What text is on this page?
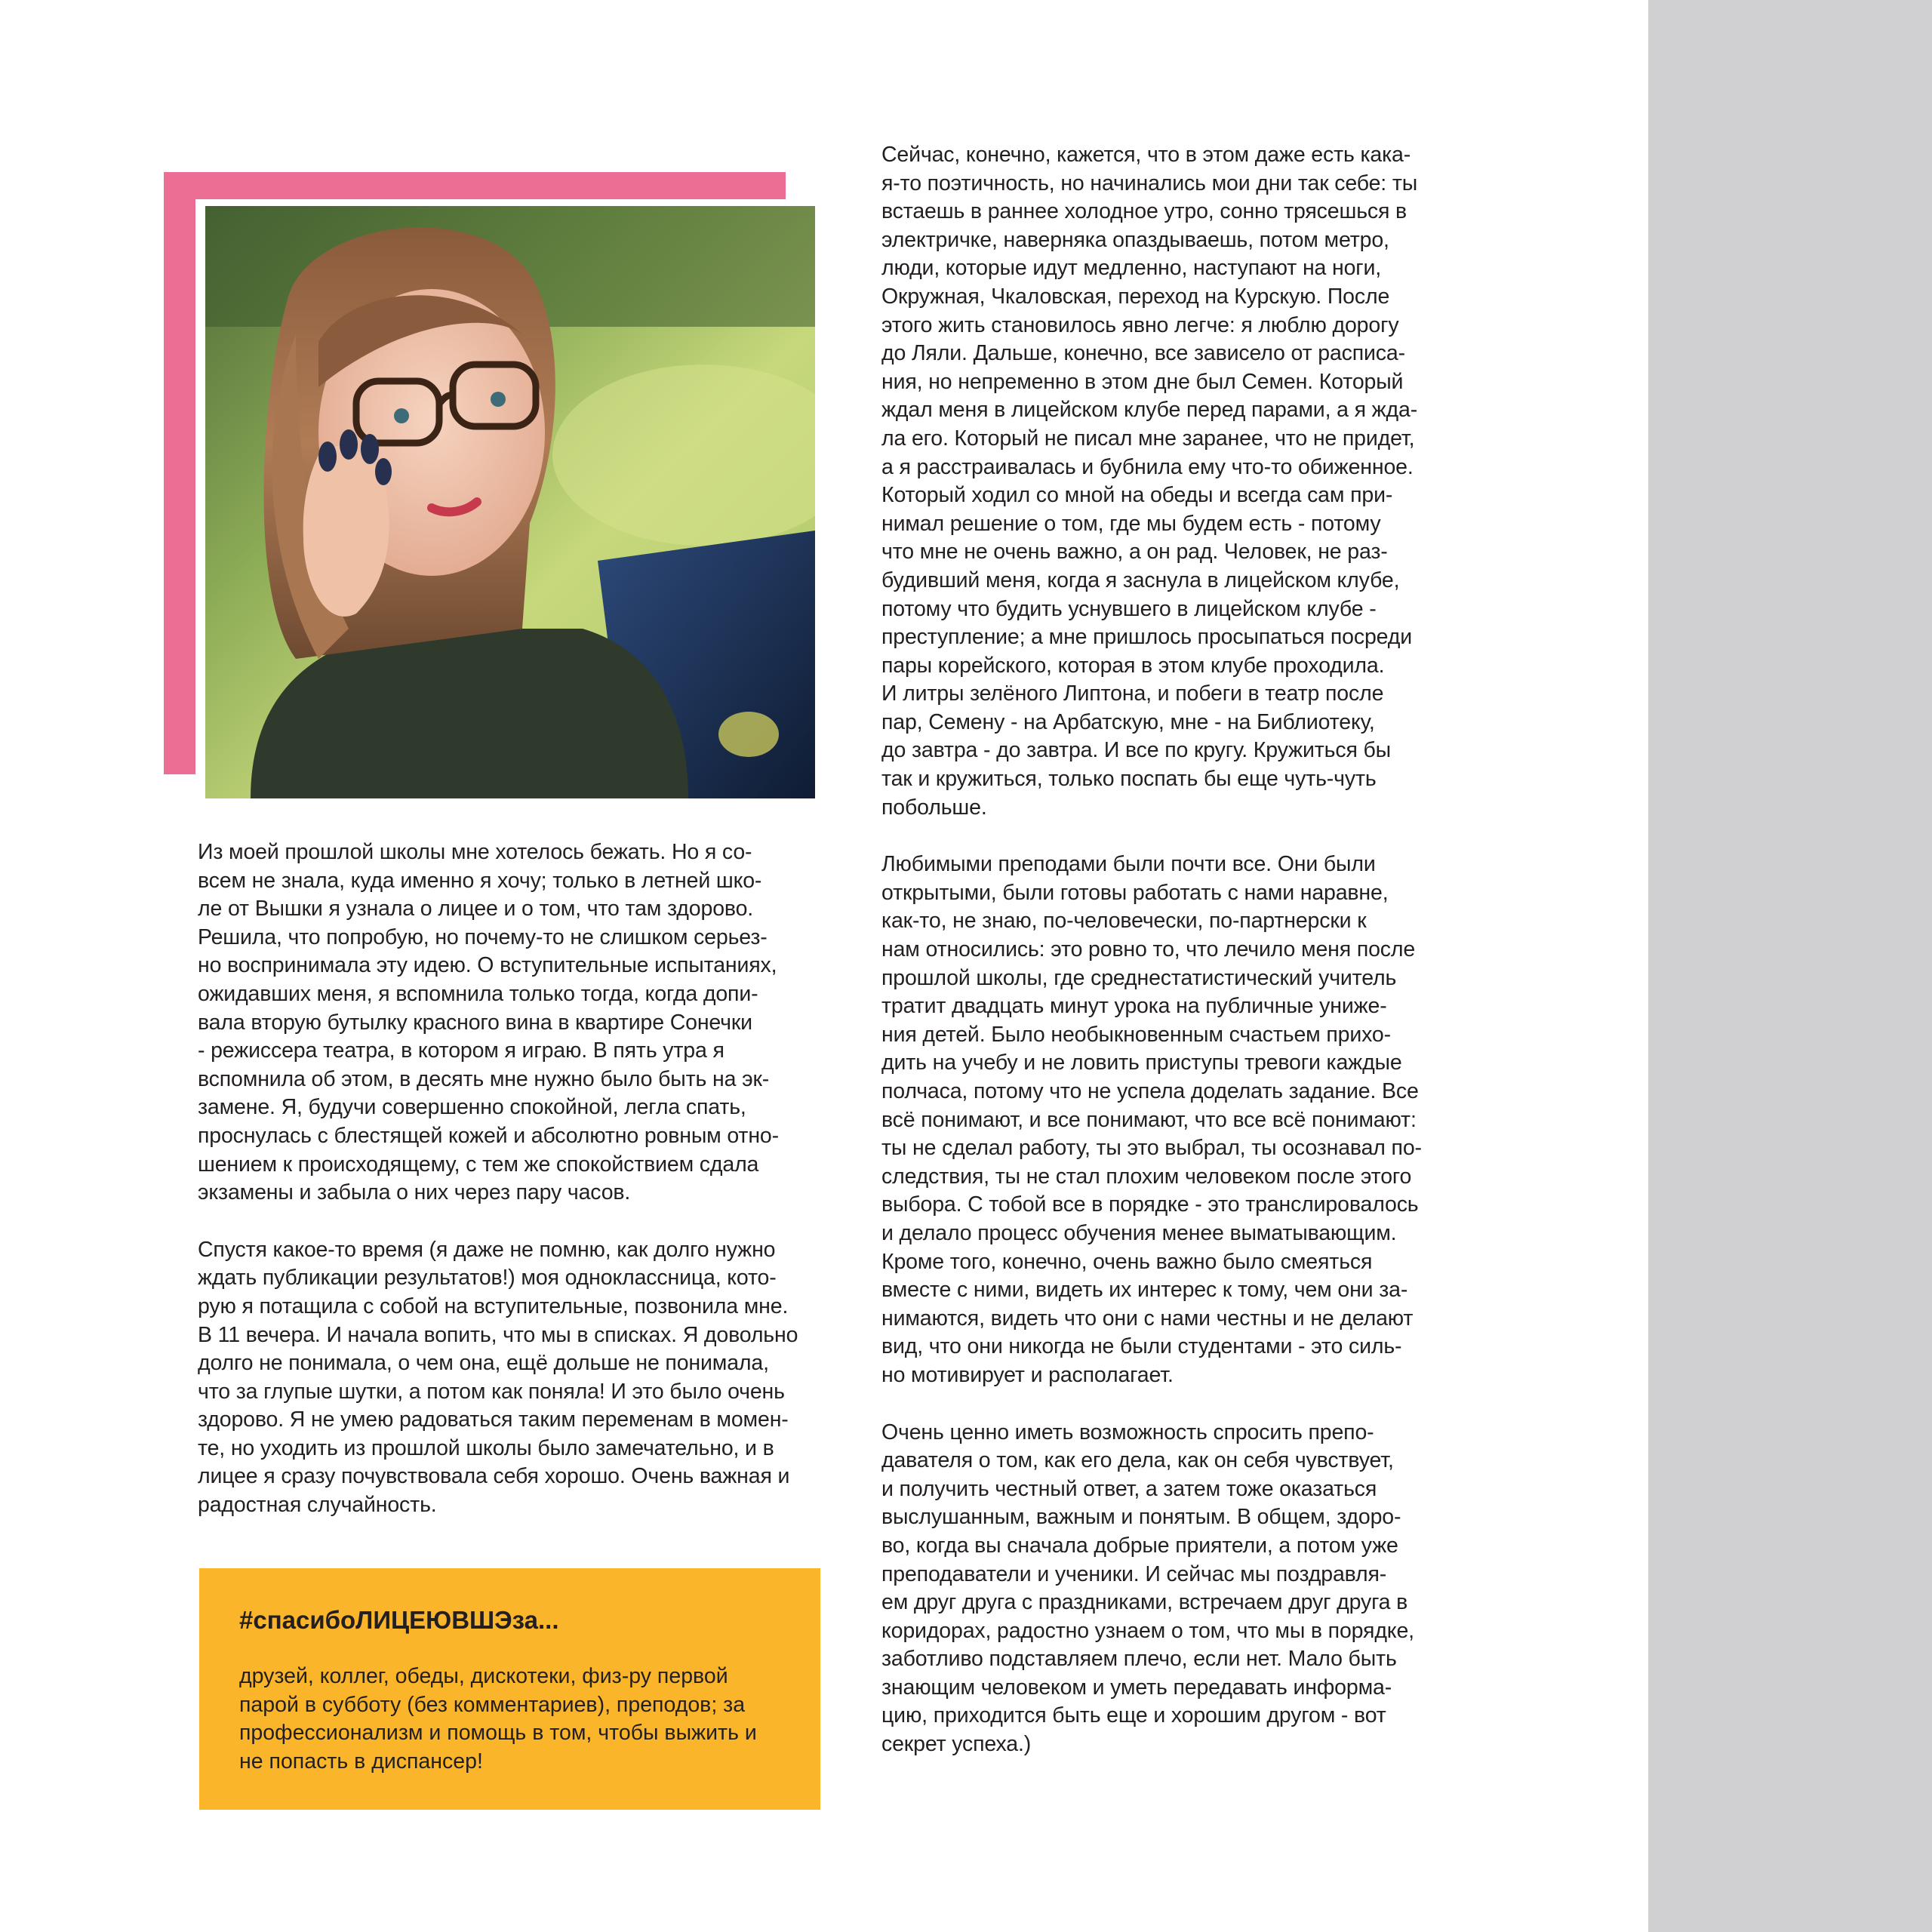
Из моей прошлой школы мне хотелось бежать. Но я со-
всем не знала, куда именно я хочу; только в летней шко-
ле от Вышки я узнала о лицее и о том, что там здорово.
Решила, что попробую, но почему-то не слишком серьез-
но воспринимала эту идею. О вступительные испытаниях,
ожидавших меня, я вспомнила только тогда, когда допи-
вала вторую бутылку красного вина в квартире Сонечки
- режиссера театра, в котором я играю. В пять утра я
вспомнила об этом, в десять мне нужно было быть на эк-
замене. Я, будучи совершенно спокойной, легла спать,
проснулась с блестящей кожей и абсолютно ровным отно-
шением к происходящему, с тем же спокойствием сдала
экзамены и забыла о них через пару часов.

Спустя какое-то время (я даже не помню, как долго нужно
ждать публикации результатов!) моя одноклассница, кото-
рую я потащила с собой на вступительные, позвонила мне.
В 11 вечера. И начала вопить, что мы в списках. Я довольно
долго не понимала, о чем она, ещё дольше не понимала,
что за глупые шутки, а потом как поняла! И это было очень
здорово. Я не умею радоваться таким переменам в момен-
те, но уходить из прошлой школы было замечательно, и в
лицее я сразу почувствовала себя хорошо. Очень важная и
радостная случайность.

#спасибоЛИЦЕЮВШЭза...
друзей, коллег, обеды, дискотеки, физ-ру первой
парой в субботу (без комментариев), преподов; за
профессионализм и помощь в том, чтобы выжить и
не попасть в диспансер!

Сейчас, конечно, кажется, что в этом даже есть кака-
я-то поэтичность, но начинались мои дни так себе: ты
встаешь в раннее холодное утро, сонно трясешься в
электричке, наверняка опаздываешь, потом метро,
люди, которые идут медленно, наступают на ноги,
Окружная, Чкаловская, переход на Курскую. После
этого жить становилось явно легче: я люблю дорогу
до Ляли. Дальше, конечно, все зависело от расписа-
ния, но непременно в этом дне был Семен. Который
ждал меня в лицейском клубе перед парами, а я жда-
ла его. Который не писал мне заранее, что не придет,
а я расстраивалась и бубнила ему что-то обиженное.
Который ходил со мной на обеды и всегда сам при-
нимал решение о том, где мы будем есть - потому
что мне не очень важно, а он рад. Человек, не раз-
будивший меня, когда я заснула в лицейском клубе,
потому что будить уснувшего в лицейском клубе -
преступление; а мне пришлось просыпаться посреди
пары корейского, которая в этом клубе проходила.
И литры зелёного Липтона, и побеги в театр после
пар, Семену - на Арбатскую, мне - на Библиотеку,
до завтра - до завтра. И все по кругу. Кружиться бы
так и кружиться, только поспать бы еще чуть-чуть
побольше.

Любимыми преподами были почти все. Они были
открытыми, были готовы работать с нами наравне,
как-то, не знаю, по-человечески, по-партнерски к
нам относились: это ровно то, что лечило меня после
прошлой школы, где среднестатистический учитель
тратит двадцать минут урока на публичные униже-
ния детей. Было необыкновенным счастьем прихо-
дить на учебу и не ловить приступы тревоги каждые
полчаса, потому что не успела доделать задание. Все
всё понимают, и все понимают, что все всё понимают:
ты не сделал работу, ты это выбрал, ты осознавал по-
следствия, ты не стал плохим человеком после этого
выбора. С тобой все в порядке - это транслировалось
и делало процесс обучения менее выматывающим.
Кроме того, конечно, очень важно было смеяться
вместе с ними, видеть их интерес к тому, чем они за-
нимаются, видеть что они с нами честны и не делают
вид, что они никогда не были студентами - это силь-
но мотивирует и располагает.

Очень ценно иметь возможность спросить препо-
давателя о том, как его дела, как он себя чувствует,
и получить честный ответ, а затем тоже оказаться
выслушанным, важным и понятым. В общем, здоро-
во, когда вы сначала добрые приятели, а потом уже
преподаватели и ученики. И сейчас мы поздравля-
ем друг друга с праздниками, встречаем друг друга в
коридорах, радостно узнаем о том, что мы в порядке,
заботливо подставляем плечо, если нет. Мало быть
знающим человеком и уметь передавать информа-
цию, приходится быть еще и хорошим другом - вот
секрет успеха.)
